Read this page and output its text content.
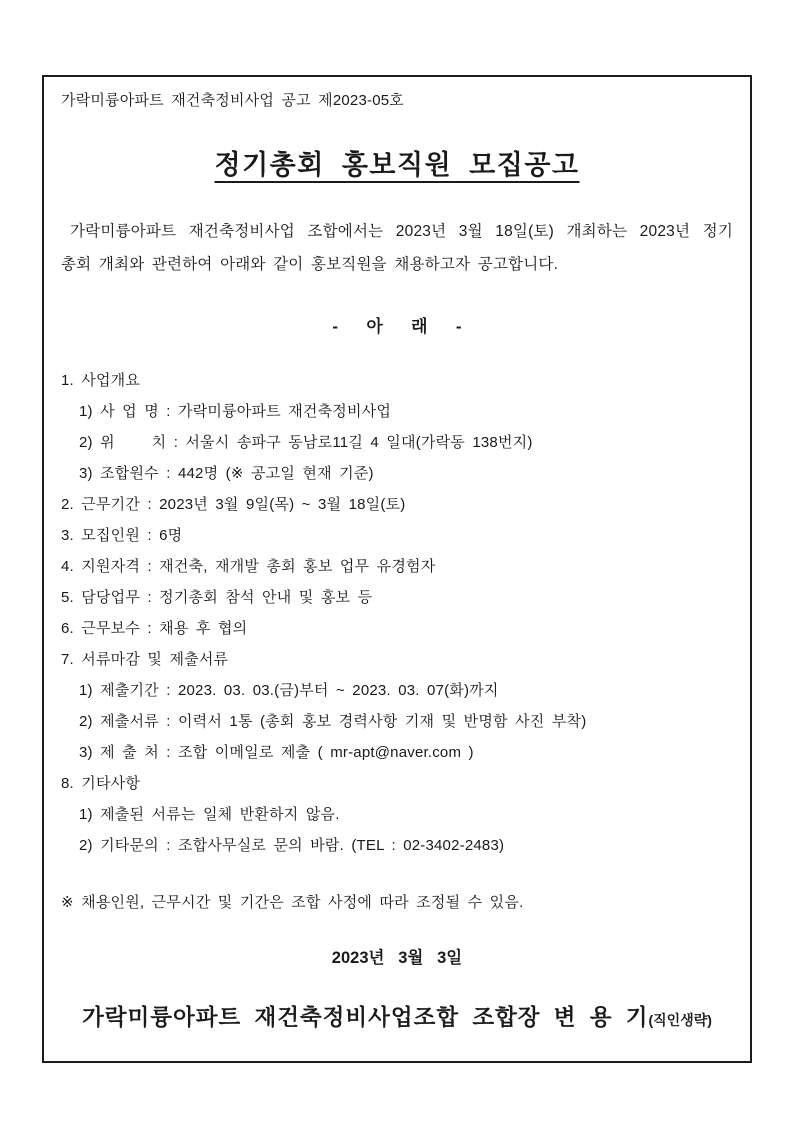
가락미륭아파트 재건축정비사업 공고 제2023-05호
정기총회 홍보직원 모집공고
가락미륭아파트 재건축정비사업 조합에서는 2023년 3월 18일(토) 개최하는 2023년 정기
총회 개최와 관련하여 아래와 같이 홍보직원을 채용하고자 공고합니다.
-      아      래      -
1. 사업개요
1) 사 업 명 : 가락미륭아파트 재건축정비사업
2) 위     치 : 서울시 송파구 동남로11길 4 일대(가락동 138번지)
3) 조합원수 : 442명 (※ 공고일 현재 기준)
2. 근무기간 : 2023년 3월 9일(목) ~ 3월 18일(토)
3. 모집인원 : 6명
4. 지원자격 : 재건축, 재개발 총회 홍보 업무 유경험자
5. 담당업무 : 정기총회 참석 안내 및 홍보 등
6. 근무보수 : 채용 후 협의
7. 서류마감 및 제출서류
1) 제출기간 : 2023. 03. 03.(금)부터 ~ 2023. 03. 07(화)까지
2) 제출서류 : 이력서 1통 (총회 홍보 경력사항 기재 및 반명함 사진 부착)
3) 제 출 처 : 조합 이메일로 제출 ( mr-apt@naver.com )
8. 기타사항
1) 제출된 서류는 일체 반환하지 않음.
2) 기타문의 : 조합사무실로 문의 바람. (TEL : 02-3402-2483)
※ 채용인원, 근무시간 및 기간은 조합 사정에 따라 조정될 수 있음.
2023년   3월   3일
가락미륭아파트 재건축정비사업조합 조합장 변 용 기(직인생략)
